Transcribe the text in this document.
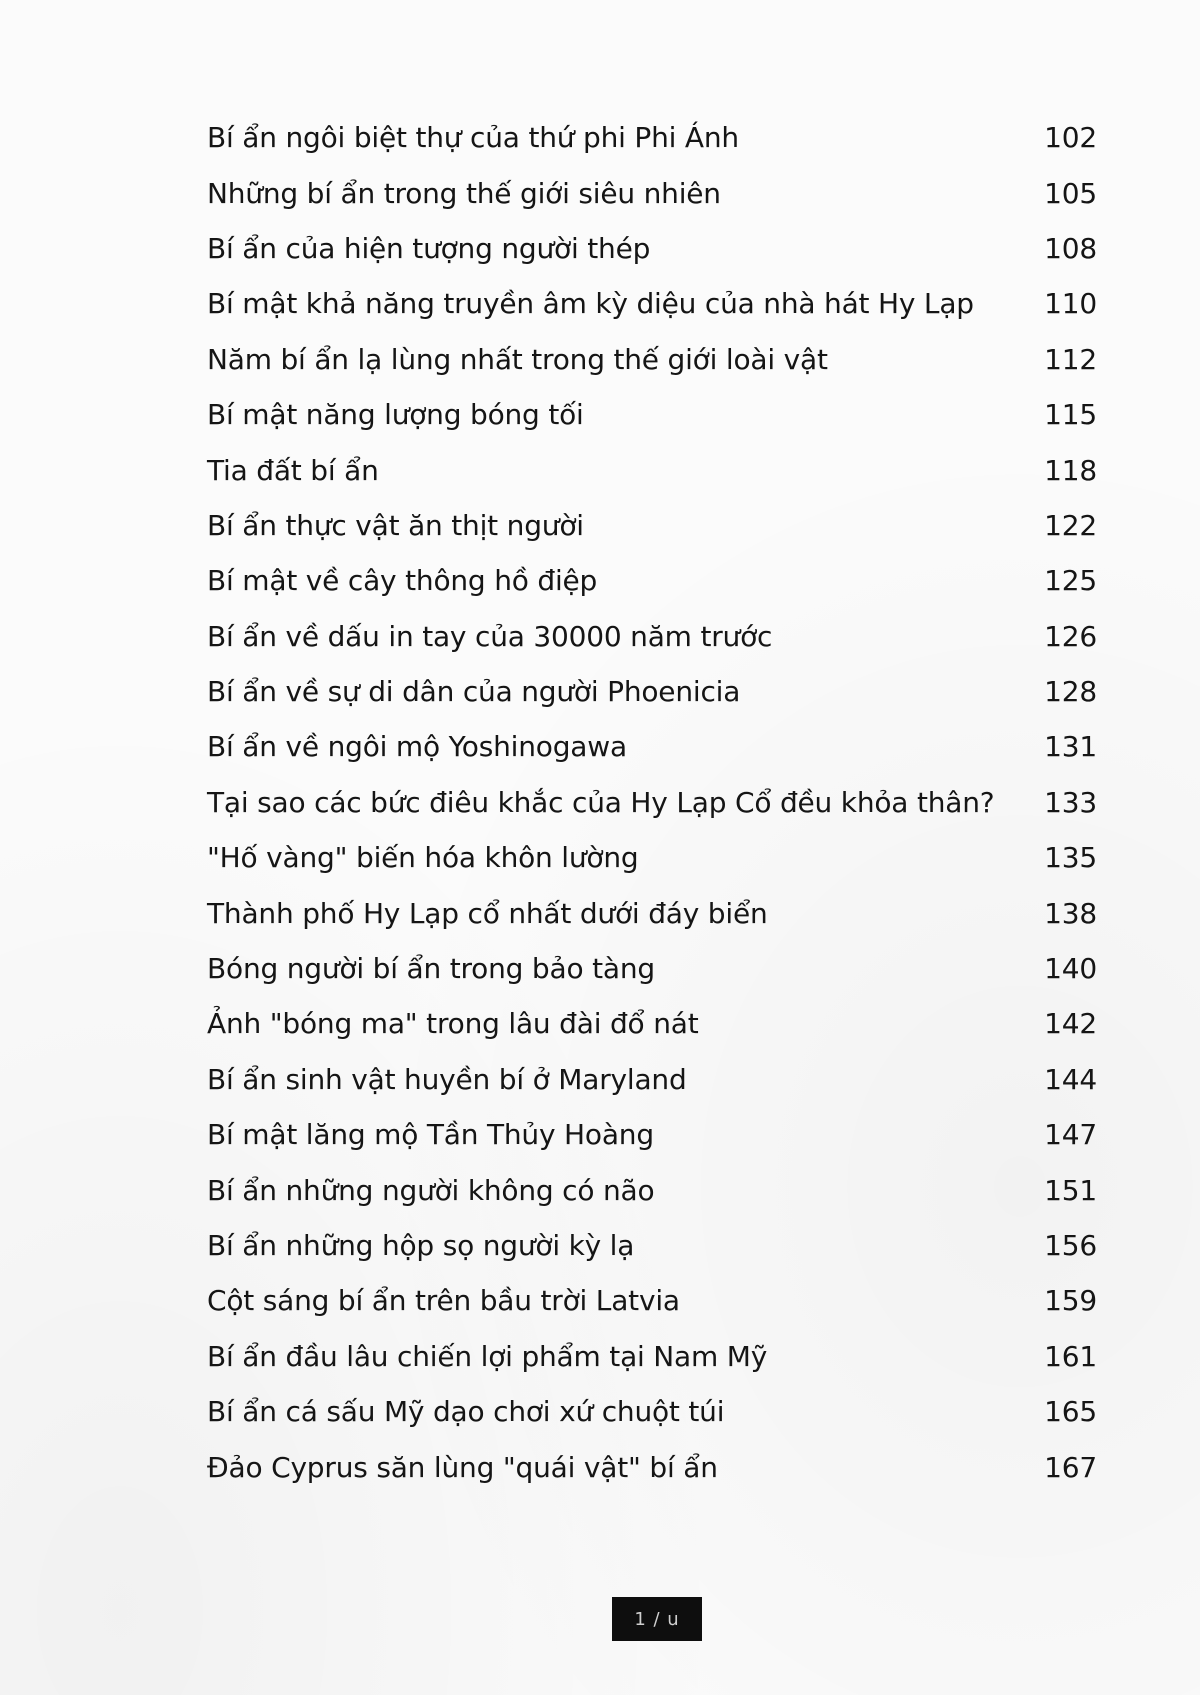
Bí ẩn ngôi biệt thự của thứ phi Phi Ánh	102
Những bí ẩn trong thế giới siêu nhiên	105
Bí ẩn của hiện tượng người thép	108
Bí mật khả năng truyền âm kỳ diệu của nhà hát Hy Lạp	110
Năm bí ẩn lạ lùng nhất trong thế giới loài vật	112
Bí mật năng lượng bóng tối	115
Tia đất bí ẩn	118
Bí ẩn thực vật ăn thịt người	122
Bí mật về cây thông hồ điệp	125
Bí ẩn về dấu in tay của 30000 năm trước	126
Bí ẩn về sự di dân của người Phoenicia	128
Bí ẩn về ngôi mộ Yoshinogawa	131
Tại sao các bức điêu khắc của Hy Lạp Cổ đều khỏa thân?	133
"Hố vàng" biến hóa khôn lường	135
Thành phố Hy Lạp cổ nhất dưới đáy biển	138
Bóng người bí ẩn trong bảo tàng	140
Ảnh "bóng ma" trong lâu đài đổ nát	142
Bí ẩn sinh vật huyền bí ở Maryland	144
Bí mật lăng mộ Tần Thủy Hoàng	147
Bí ẩn những người không có não	151
Bí ẩn những hộp sọ người kỳ lạ	156
Cột sáng bí ẩn trên bầu trời Latvia	159
Bí ẩn đầu lâu chiến lợi phẩm tại Nam Mỹ	161
Bí ẩn cá sấu Mỹ dạo chơi xứ chuột túi	165
Đảo Cyprus săn lùng "quái vật" bí ẩn	167
1 / u
